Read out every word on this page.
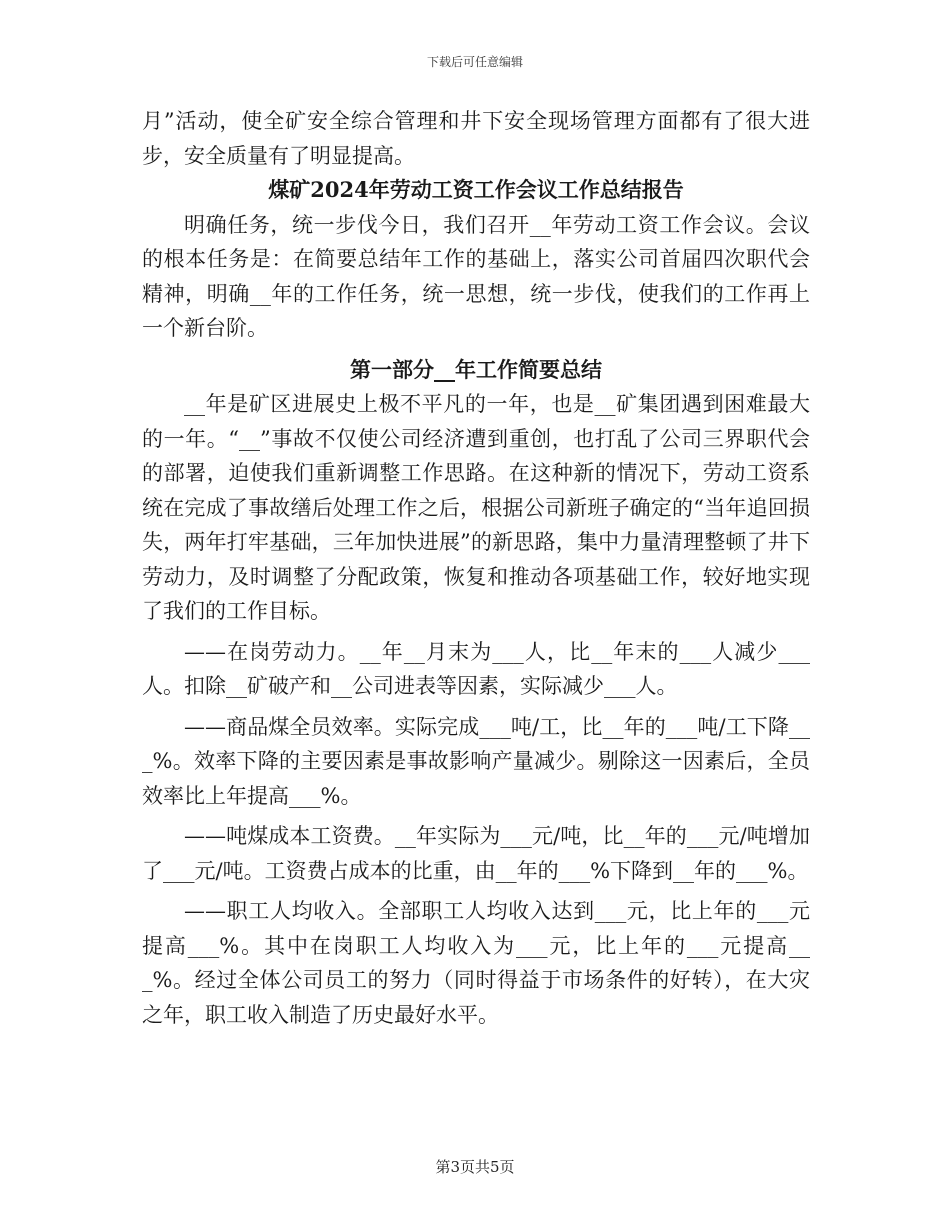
下载后可任意编辑

月”活动，使全矿安全综合管理和井下安全现场管理方面都有了很大进步，安全质量有了明显提高。

煤矿2024年劳动工资工作会议工作总结报告

明确任务，统一步伐今日，我们召开__年劳动工资工作会议。会议的根本任务是：在简要总结年工作的基础上，落实公司首届四次职代会精神，明确__年的工作任务，统一思想，统一步伐，使我们的工作再上一个新台阶。

第一部分__年工作简要总结

__年是矿区进展史上极不平凡的一年，也是__矿集团遇到困难最大的一年。“__”事故不仅使公司经济遭到重创，也打乱了公司三界职代会的部署，迫使我们重新调整工作思路。在这种新的情况下，劳动工资系统在完成了事故缮后处理工作之后，根据公司新班子确定的“当年追回损失，两年打牢基础，三年加快进展”的新思路，集中力量清理整顿了井下劳动力，及时调整了分配政策，恢复和推动各项基础工作，较好地实现了我们的工作目标。

——在岗劳动力。__年__月末为___人，比__年末的___人减少___人。扣除__矿破产和__公司进表等因素，实际减少___人。

——商品煤全员效率。实际完成___吨/工，比__年的___吨/工下降___%。效率下降的主要因素是事故影响产量减少。剔除这一因素后，全员效率比上年提高___%。

——吨煤成本工资费。__年实际为___元/吨，比__年的___元/吨增加了___元/吨。工资费占成本的比重，由__年的___%下降到__年的___%。

——职工人均收入。全部职工人均收入达到___元，比上年的___元提高___%。其中在岗职工人均收入为___元，比上年的___元提高___%。经过全体公司员工的努力（同时得益于市场条件的好转），在大灾之年，职工收入制造了历史最好水平。

第3页共5页
